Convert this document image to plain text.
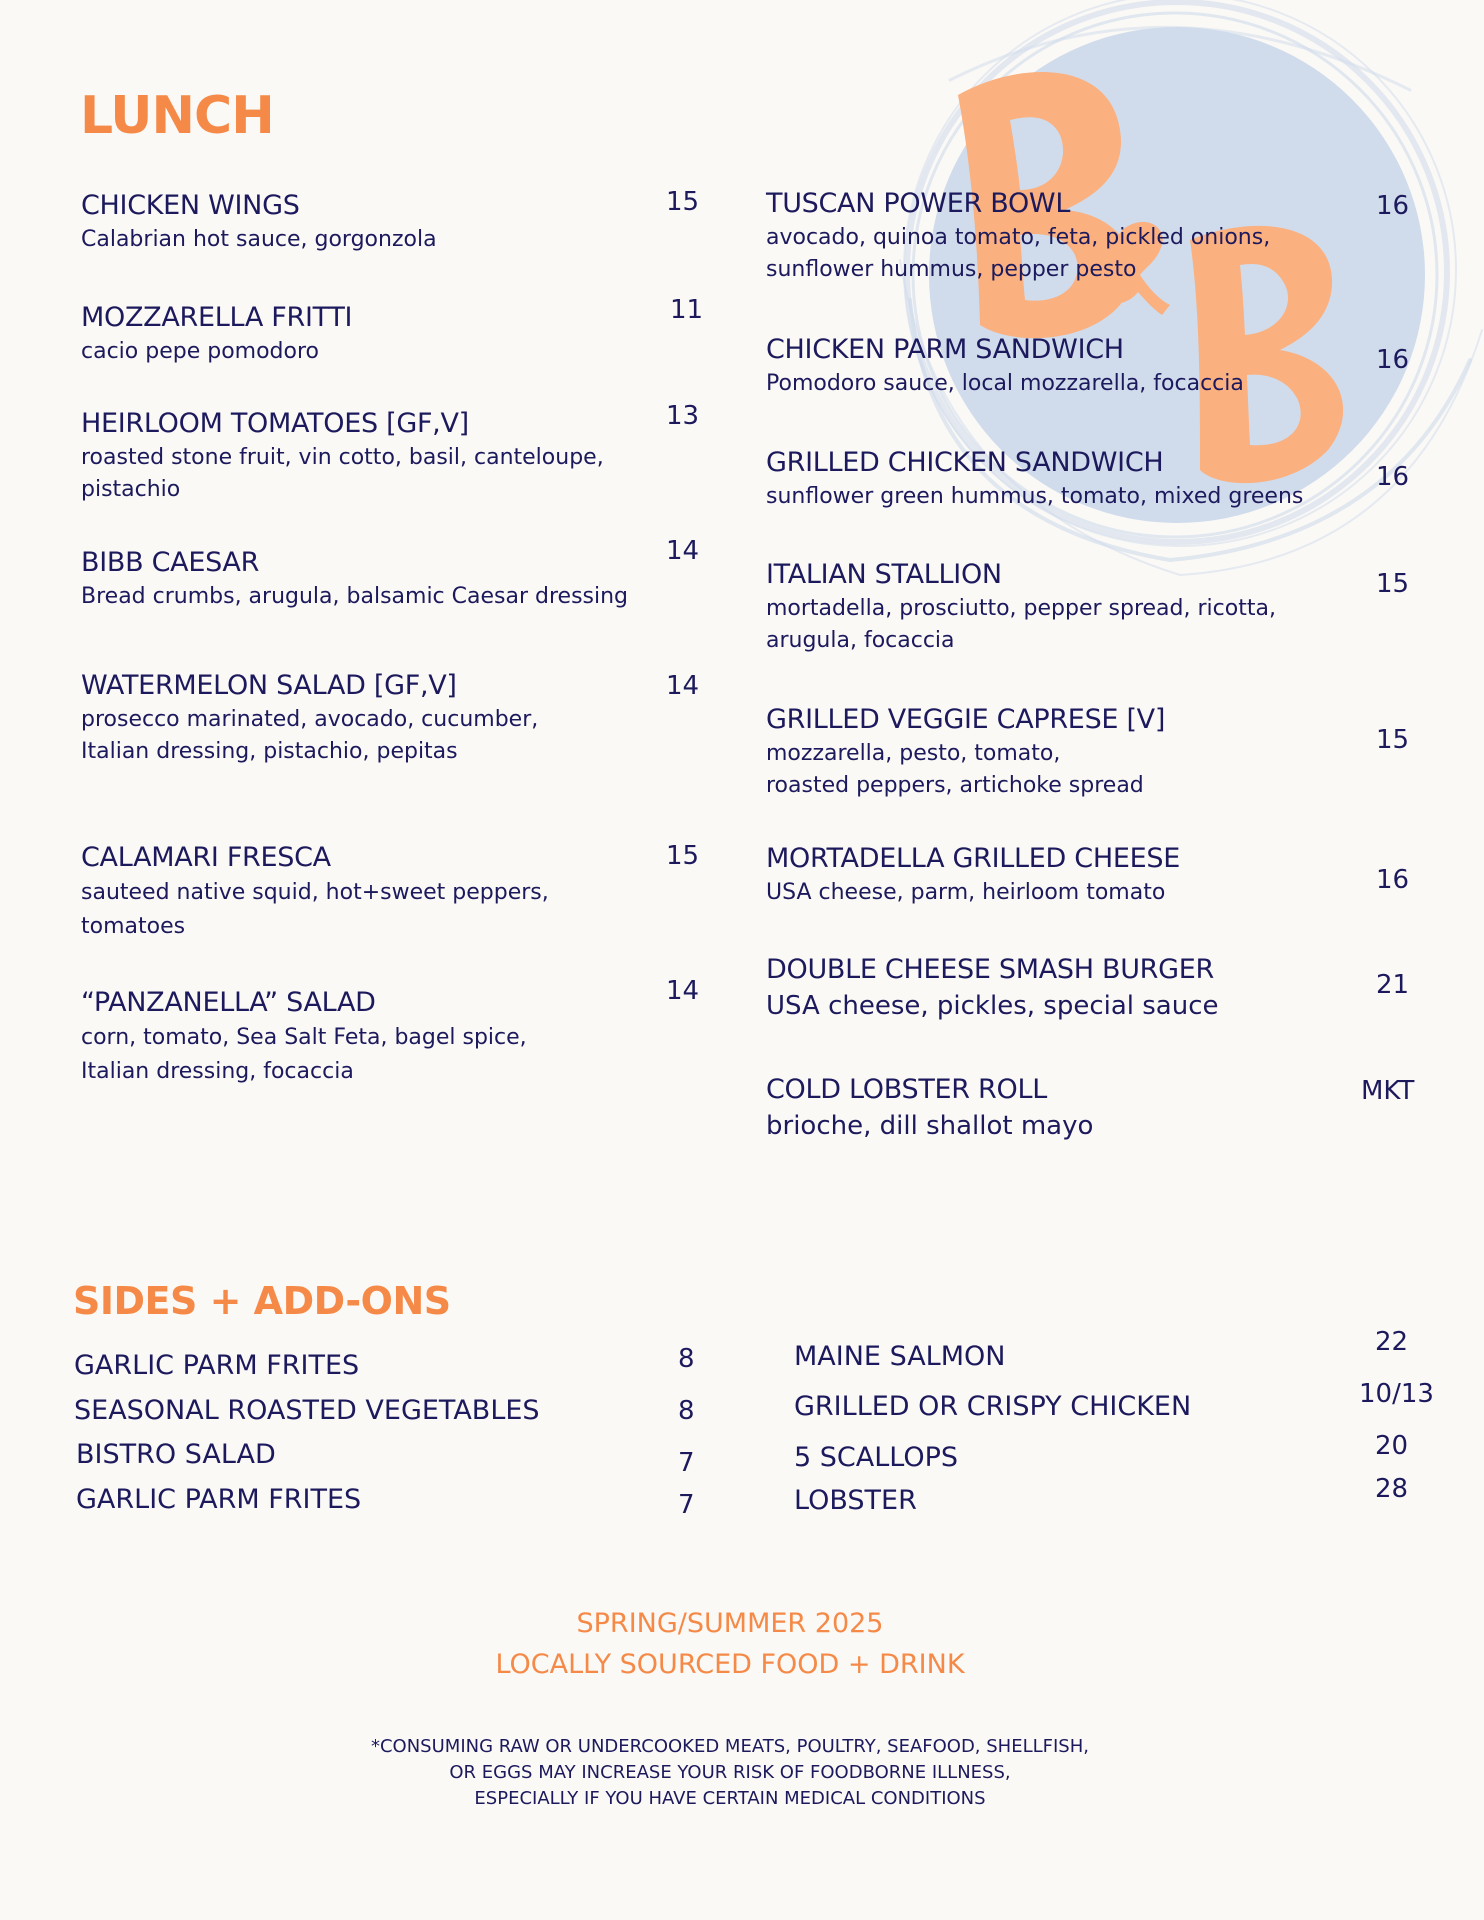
LUNCH
CHICKEN WINGS
Calabrian hot sauce, gorgonzola
15
MOZZARELLA FRITTI
cacio pepe pomodoro
11
HEIRLOOM TOMATOES [GF,V]
roasted stone fruit, vin cotto, basil, canteloupe,
pistachio
13
BIBB CAESAR
Bread crumbs, arugula, balsamic Caesar dressing
14
WATERMELON SALAD [GF,V]
prosecco marinated, avocado, cucumber,
Italian dressing, pistachio, pepitas
14
CALAMARI FRESCA
sauteed native squid, hot+sweet peppers,
tomatoes
15
“PANZANELLA” SALAD
corn, tomato, Sea Salt Feta, bagel spice,
Italian dressing, focaccia
14
TUSCAN POWER BOWL
avocado, quinoa tomato, feta, pickled onions,
sunflower hummus, pepper pesto
16
CHICKEN PARM SANDWICH
Pomodoro sauce, local mozzarella, focaccia
16
GRILLED CHICKEN SANDWICH
sunflower green hummus, tomato, mixed greens
16
ITALIAN STALLION
mortadella, prosciutto, pepper spread, ricotta,
arugula, focaccia
15
GRILLED VEGGIE CAPRESE [V]
mozzarella, pesto, tomato,
roasted peppers, artichoke spread
15
MORTADELLA GRILLED CHEESE
USA cheese, parm, heirloom tomato	16
DOUBLE CHEESE SMASH BURGER
USA cheese, pickles, special sauce
21
COLD LOBSTER ROLL
brioche, dill shallot mayo
MKT
SIDES + ADD-ONS
GARLIC PARM FRITES	8
SEASONAL ROASTED VEGETABLES	8
BISTRO SALAD	7
GARLIC PARM FRITES	7
MAINE SALMON	22
GRILLED OR CRISPY CHICKEN	10/13
5 SCALLOPS	20
LOBSTER	28
SPRING/SUMMER 2025
LOCALLY SOURCED FOOD + DRINK
*CONSUMING RAW OR UNDERCOOKED MEATS, POULTRY, SEAFOOD, SHELLFISH,
OR EGGS MAY INCREASE YOUR RISK OF FOODBORNE ILLNESS,
ESPECIALLY IF YOU HAVE CERTAIN MEDICAL CONDITIONS
